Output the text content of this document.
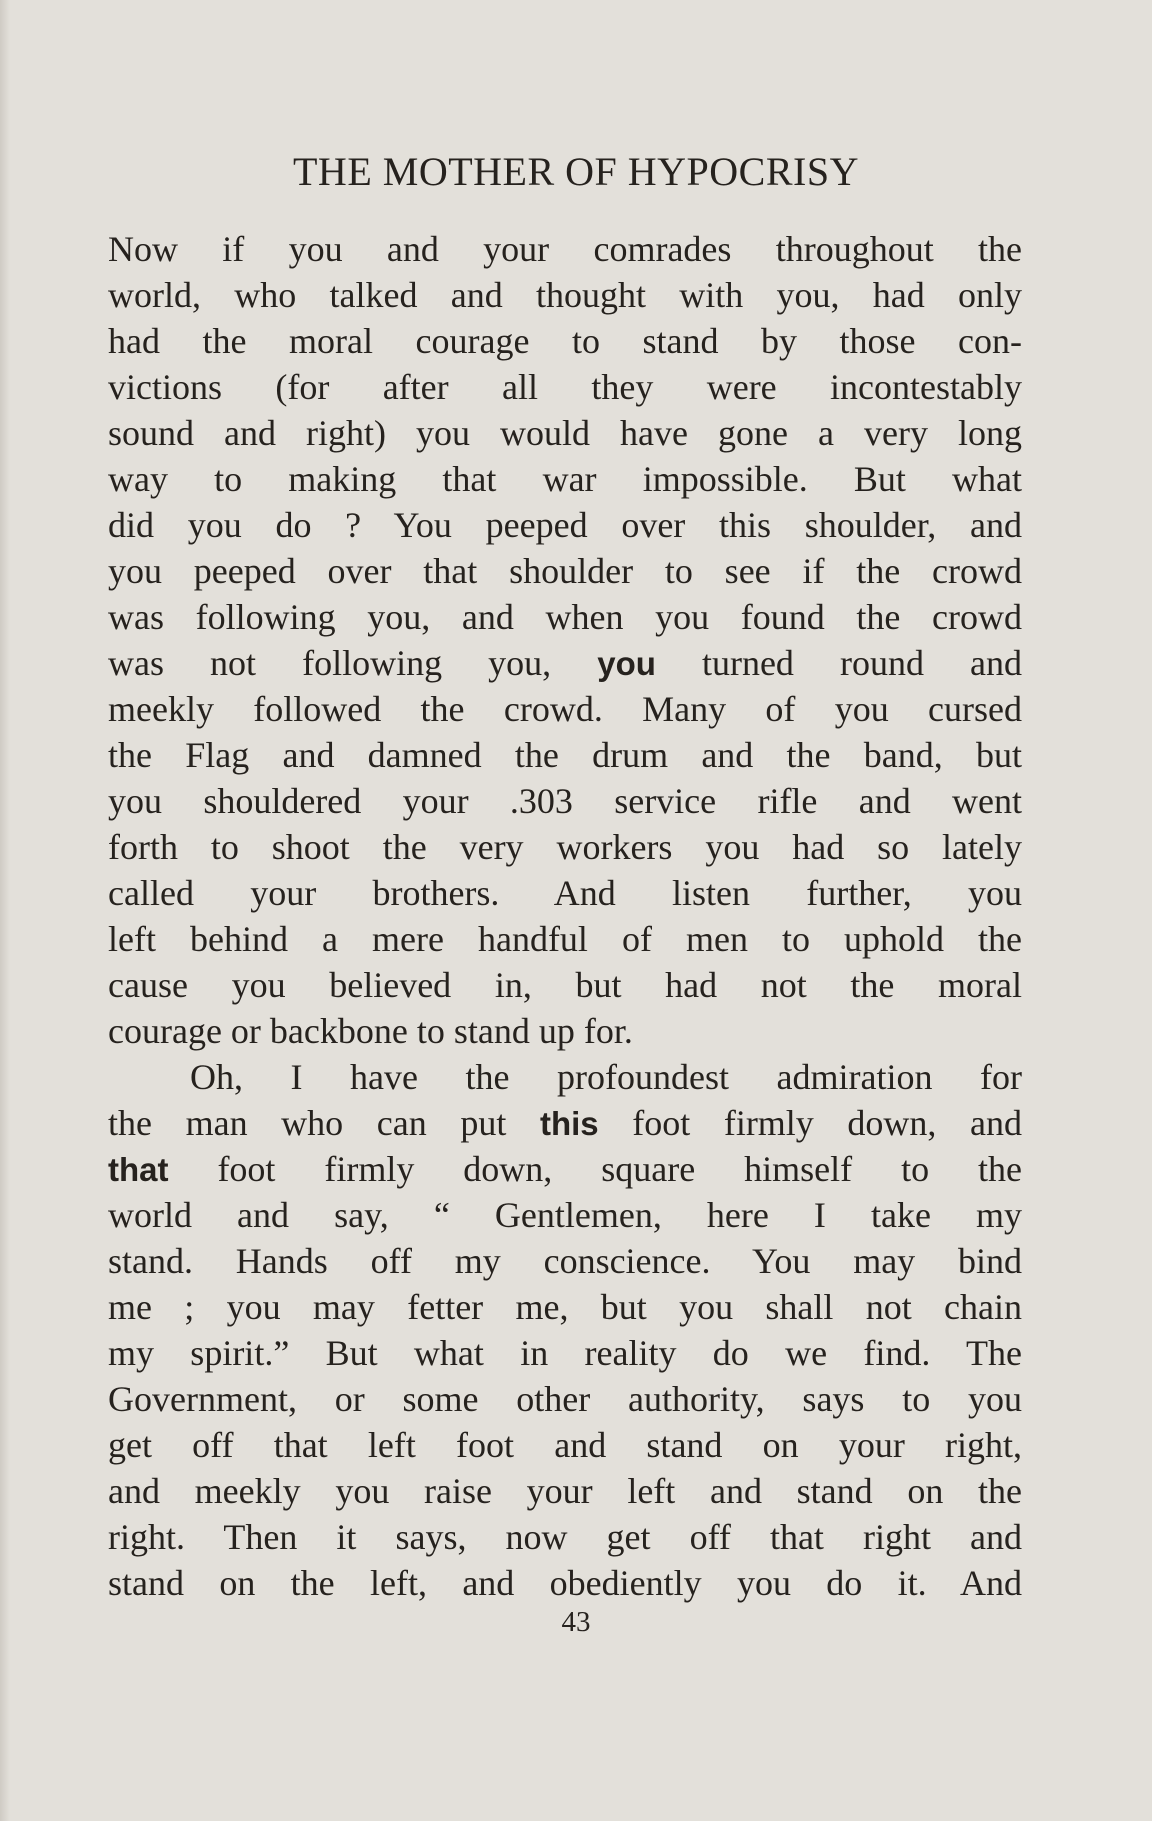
THE MOTHER OF HYPOCRISY
Now if you and your comrades throughout the
world, who talked and thought with you, had only
had the moral courage to stand by those con-
victions (for after all they were incontestably
sound and right) you would have gone a very long
way to making that war impossible. But what
did you do ? You peeped over this shoulder, and
you peeped over that shoulder to see if the crowd
was following you, and when you found the crowd
was not following you, you turned round and
meekly followed the crowd. Many of you cursed
the Flag and damned the drum and the band, but
you shouldered your .303 service rifle and went
forth to shoot the very workers you had so lately
called your brothers. And listen further, you
left behind a mere handful of men to uphold the
cause you believed in, but had not the moral
courage or backbone to stand up for.
Oh, I have the profoundest admiration for
the man who can put this foot firmly down, and
that foot firmly down, square himself to the
world and say, “ Gentlemen, here I take my
stand. Hands off my conscience. You may bind
me ; you may fetter me, but you shall not chain
my spirit.” But what in reality do we find. The
Government, or some other authority, says to you
get off that left foot and stand on your right,
and meekly you raise your left and stand on the
right. Then it says, now get off that right and
stand on the left, and obediently you do it. And
43
